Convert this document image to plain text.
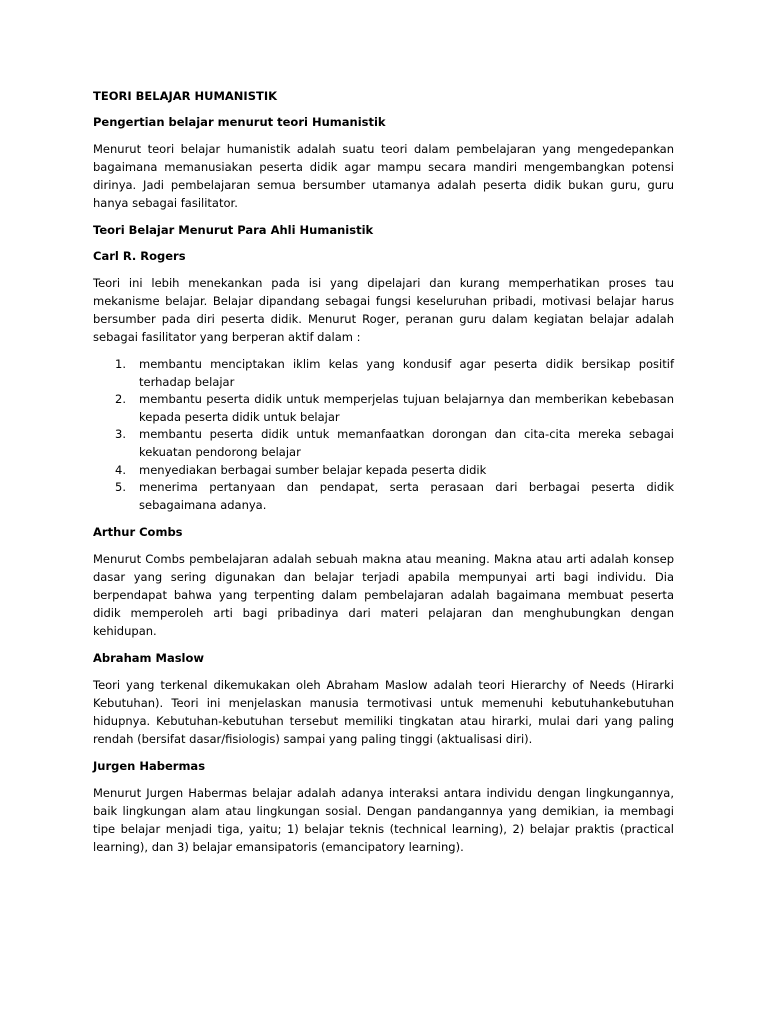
TEORI BELAJAR HUMANISTIK
Pengertian belajar menurut teori Humanistik

Menurut teori belajar humanistik adalah suatu teori dalam pembelajaran yang mengedepankan bagaimana memanusiakan peserta didik agar mampu secara mandiri mengembangkan potensi dirinya. Jadi pembelajaran semua bersumber utamanya adalah peserta didik bukan guru, guru hanya sebagai fasilitator.

Teori Belajar Menurut Para Ahli Humanistik
Carl R. Rogers

Teori ini lebih menekankan pada isi yang dipelajari dan kurang memperhatikan proses tau mekanisme belajar. Belajar dipandang sebagai fungsi keseluruhan pribadi, motivasi belajar harus bersumber pada diri peserta didik. Menurut Roger, peranan guru dalam kegiatan belajar adalah sebagai fasilitator yang berperan aktif dalam :

1. membantu menciptakan iklim kelas yang kondusif agar peserta didik bersikap positif terhadap belajar
2. membantu peserta didik untuk memperjelas tujuan belajarnya dan memberikan kebebasan kepada peserta didik untuk belajar
3. membantu peserta didik untuk memanfaatkan dorongan dan cita-cita mereka sebagai kekuatan pendorong belajar
4. menyediakan berbagai sumber belajar kepada peserta didik
5. menerima pertanyaan dan pendapat, serta perasaan dari berbagai peserta didik sebagaimana adanya.
Arthur Combs

Menurut Combs pembelajaran adalah sebuah makna atau meaning. Makna atau arti adalah konsep dasar yang sering digunakan dan belajar terjadi apabila mempunyai arti bagi individu. Dia berpendapat bahwa yang terpenting dalam pembelajaran adalah bagaimana membuat peserta didik memperoleh arti bagi pribadinya dari materi pelajaran dan menghubungkan dengan kehidupan.

Abraham Maslow

Teori yang terkenal dikemukakan oleh Abraham Maslow adalah teori Hierarchy of Needs (Hirarki Kebutuhan). Teori ini menjelaskan manusia termotivasi untuk memenuhi kebutuhankebutuhan hidupnya. Kebutuhan-kebutuhan tersebut memiliki tingkatan atau hirarki, mulai dari yang paling rendah (bersifat dasar/fisiologis) sampai yang paling tinggi (aktualisasi diri).

Jurgen Habermas

Menurut Jurgen Habermas belajar adalah adanya interaksi antara individu dengan lingkungannya, baik lingkungan alam atau lingkungan sosial. Dengan pandangannya yang demikian, ia membagi tipe belajar menjadi tiga, yaitu; 1) belajar teknis (technical learning), 2) belajar praktis (practical learning), dan 3) belajar emansipatoris (emancipatory learning).
